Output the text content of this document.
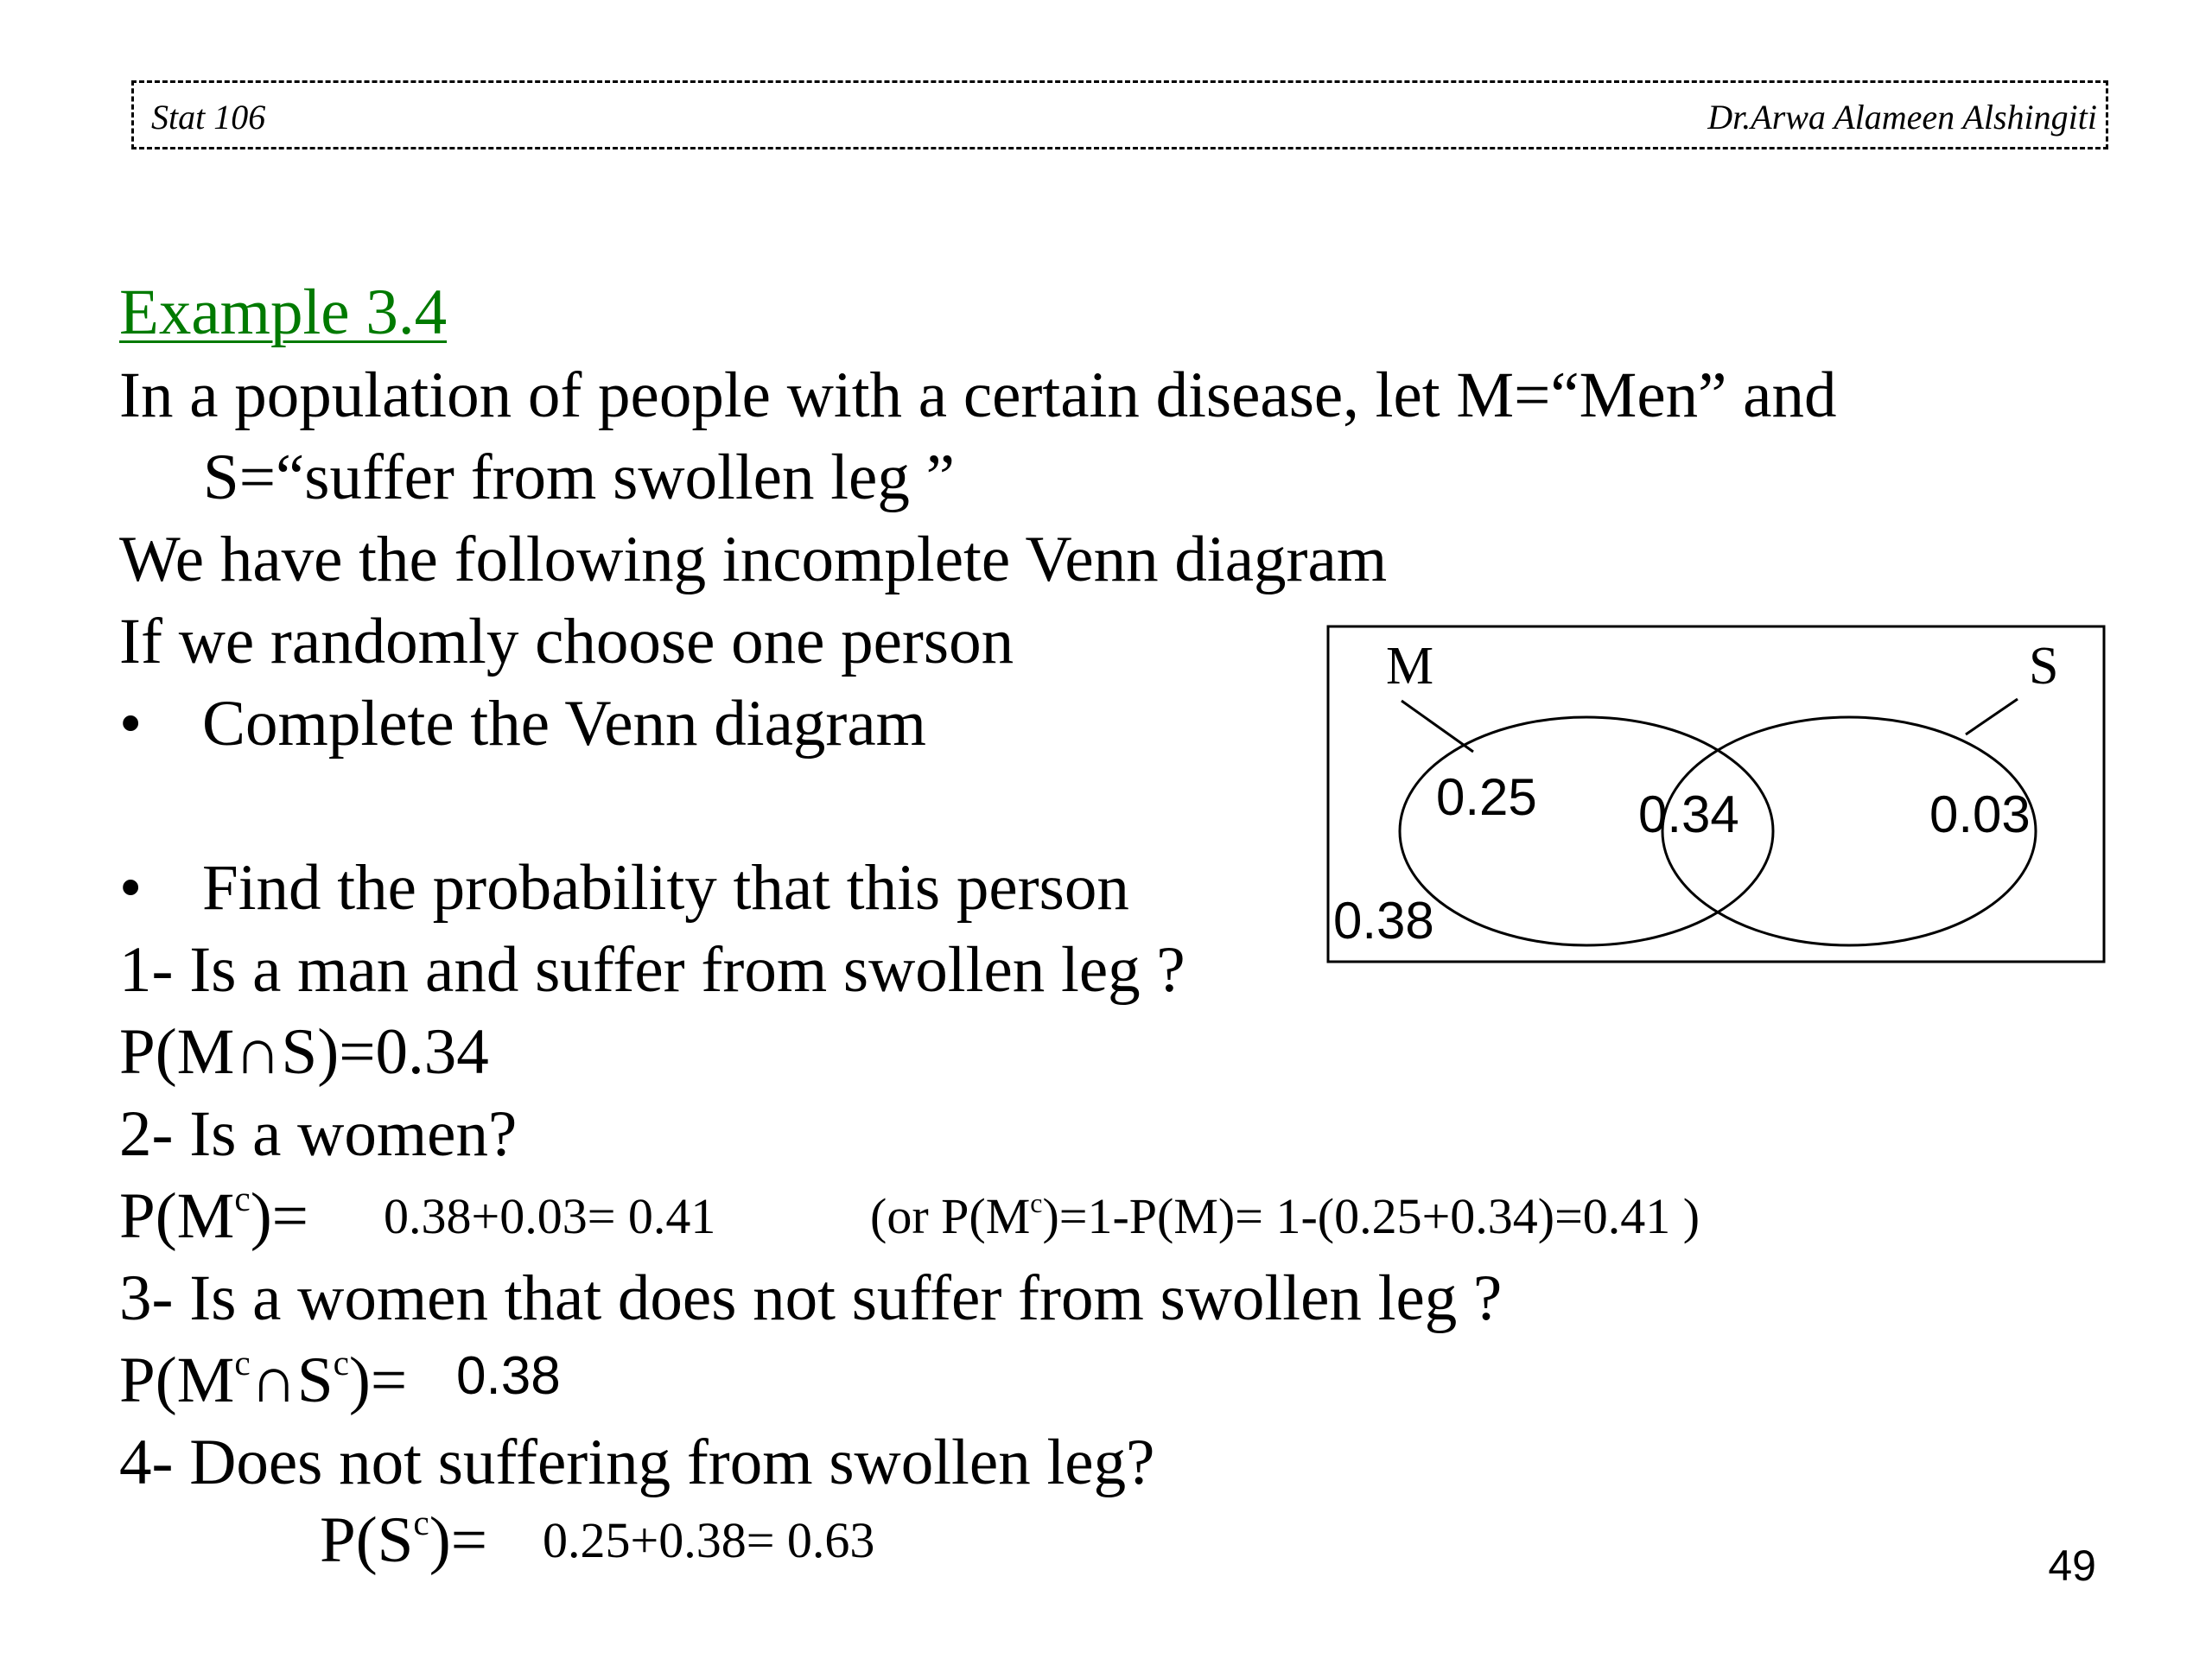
Stat 106	Dr.Arwa Alameen Alshingiti
Example 3.4
In a population of people with a certain disease, let M=“Men” and
S=“suffer from swollen leg ”
We have the following incomplete Venn diagram
If we randomly choose one person
• Complete the Venn diagram
• Find the probability that this person
1- Is a man and suffer from swollen leg ?
P(M∩S)=0.34
2- Is a women?
$P(M^c)= 0.38+0.03= 0.41$	(or $P(M^c)=1-P(M)= 1-(0.25+0.34)=0.41$ )
3- Is a women that does not suffer from swollen leg ?
$P(M^c\cap S^c)= 0.38$
4- Does not suffering from swollen leg?
$P(S^c)= 0.25+0.38= 0.63$
M	S
0.25 0.34	0.03
0.38
49
